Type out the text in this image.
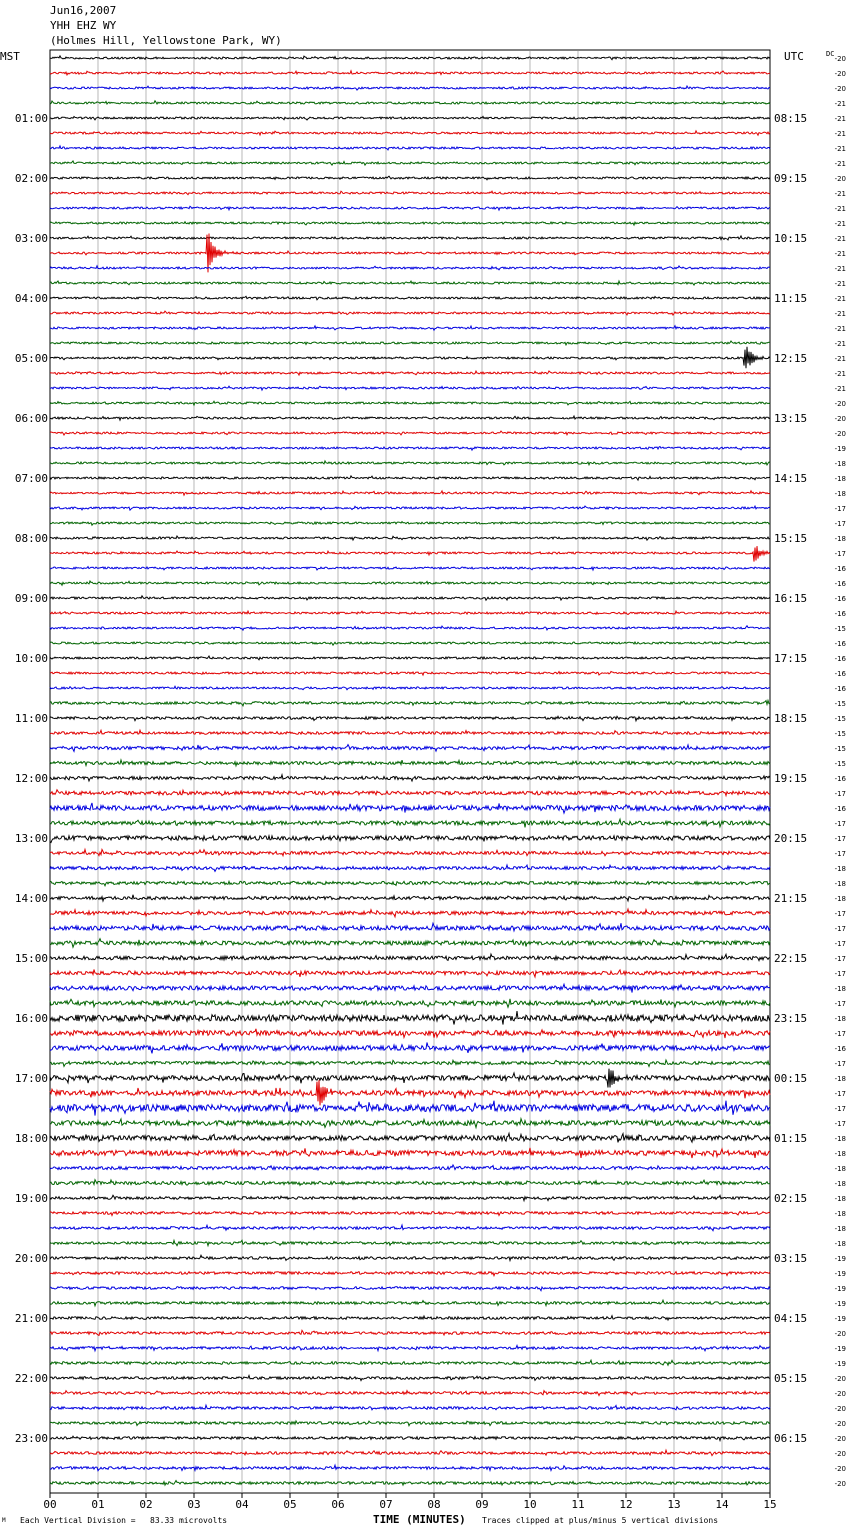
00	01	02	03	04	05	06	07	08	09	10	11	12	13	14	15
-20
-20
-20
-21
-21
01:00	08:15
-21
-21
-21
-20
02:00	09:15
-21
-21
-21
-21
03:00	10:15
-21
-21
-21
-21
04:00	11:15
-21
-21
-21
-21
05:00	12:15
-21
-21
-20
-20
06:00	13:15
-20
-19
-18
-18
07:00	14:15
-18
-17
-17
-18
08:00	15:15
-17
-16
-16
-16
09:00	16:15
-16
-15
-16
-16
10:00	17:15
-16
-16
-15
-15
11:00	18:15
-15
-15
-15
-16
12:00	19:15
-17
-16
-17
-17
13:00	20:15
-17
-18
-18
-18
14:00	21:15
-17
-17
-17
-17
15:00	22:15
-17
-18
-17
-18
16:00	23:15
-17
-16
-17
-18
17:00	00:15
-17
-17
-17
-18
18:00	01:15
-18
-18
-18
-18
19:00	02:15
-18
-18
-18
-19
20:00	03:15
-19
-19
-19
-19
21:00	04:15
-20
-19
-19
-20
22:00	05:15
-20
-20
-20
-20
23:00	06:15
-20
-20
-20
Jun16,2007
YHH EHZ WY
(Holmes Hill, Yellowstone Park, WY)
MST	UTC	DC
M Each Vertical Division =   83.33 microvolts	TIME (MINUTES) Traces clipped at plus/minus 5 vertical divisions
